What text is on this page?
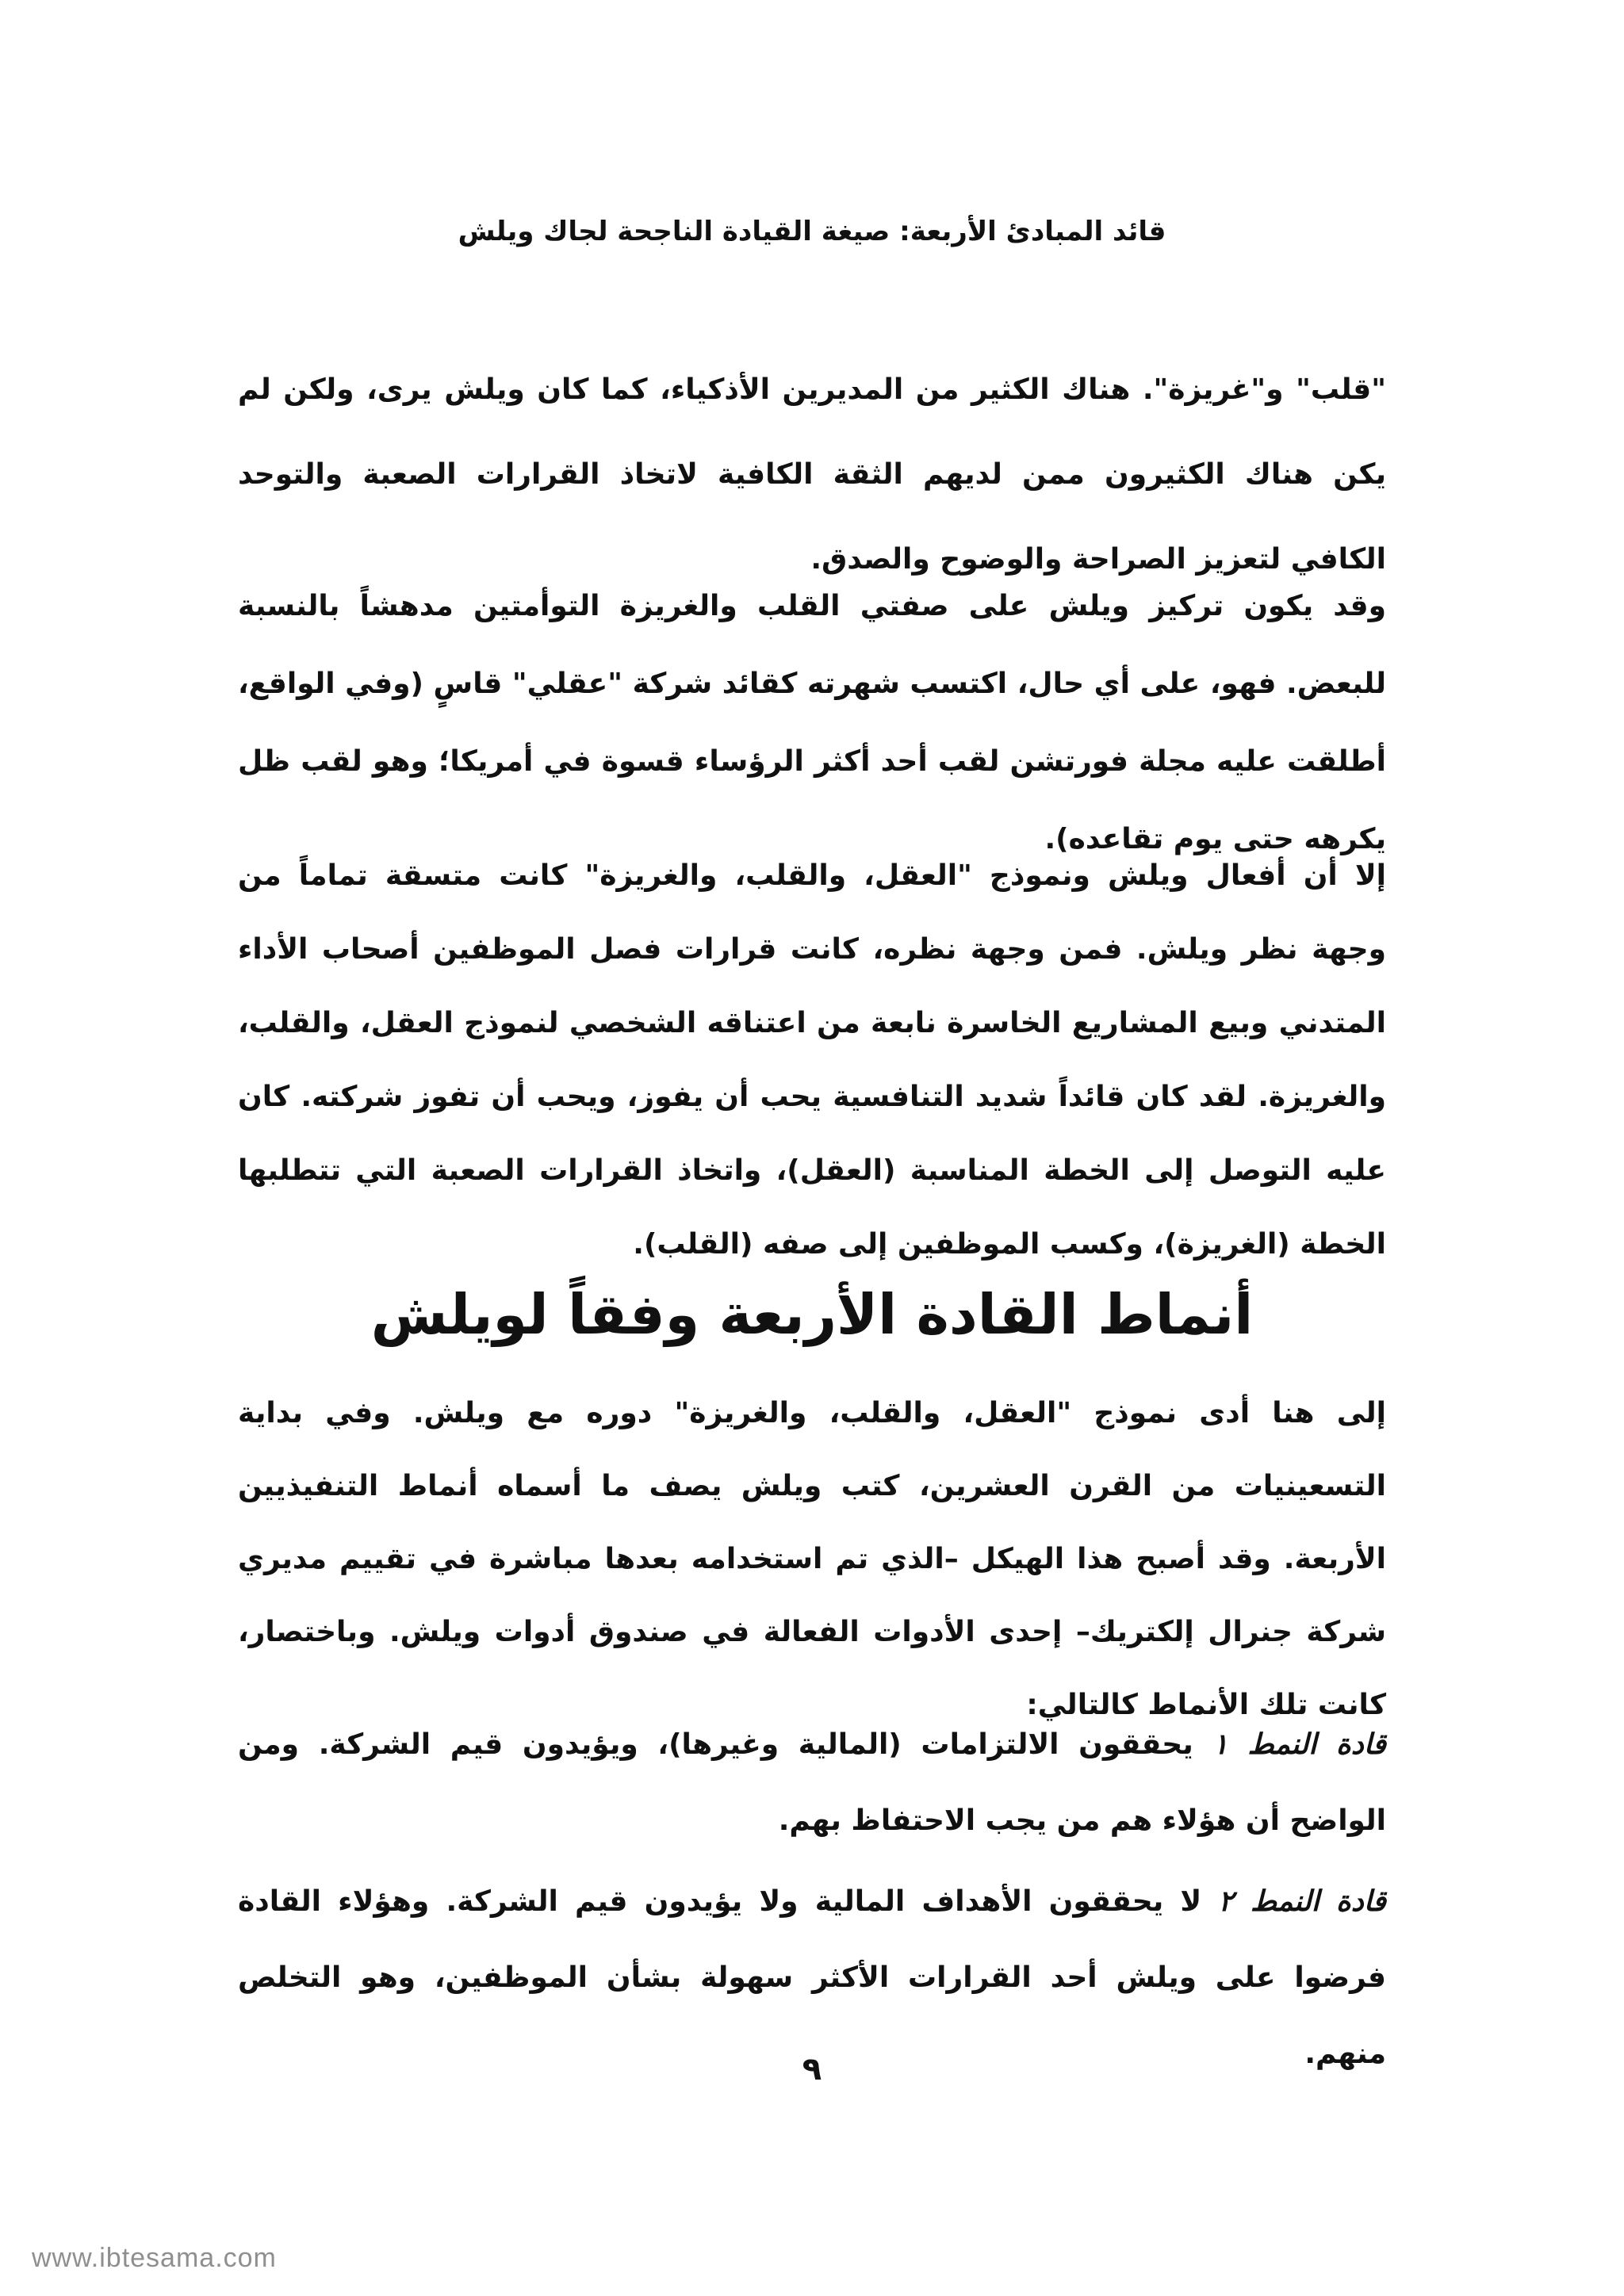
قائد المبادئ الأربعة: صيغة القيادة الناجحة لجاك ويلش

"قلب" و"غريزة". هناك الكثير من المديرين الأذكياء، كما كان ويلش يرى، ولكن لم يكن هناك الكثيرون ممن لديهم الثقة الكافية لاتخاذ القرارات الصعبة والتوحد الكافي لتعزيز الصراحة والوضوح والصدق.

وقد يكون تركيز ويلش على صفتي القلب والغريزة التوأمتين مدهشاً بالنسبة للبعض. فهو، على أي حال، اكتسب شهرته كقائد شركة "عقلي" قاسٍ (وفي الواقع، أطلقت عليه مجلة فورتشن لقب أحد أكثر الرؤساء قسوة في أمريكا؛ وهو لقب ظل يكرهه حتى يوم تقاعده).

إلا أن أفعال ويلش ونموذج "العقل، والقلب، والغريزة" كانت متسقة تماماً من وجهة نظر ويلش. فمن وجهة نظره، كانت قرارات فصل الموظفين أصحاب الأداء المتدني وبيع المشاريع الخاسرة نابعة من اعتناقه الشخصي لنموذج العقل، والقلب، والغريزة. لقد كان قائداً شديد التنافسية يحب أن يفوز، ويحب أن تفوز شركته. كان عليه التوصل إلى الخطة المناسبة (العقل)، واتخاذ القرارات الصعبة التي تتطلبها الخطة (الغريزة)، وكسب الموظفين إلى صفه (القلب).

أنماط القادة الأربعة وفقاً لويلش

إلى هنا أدى نموذج "العقل، والقلب، والغريزة" دوره مع ويلش. وفي بداية التسعينيات من القرن العشرين، كتب ويلش يصف ما أسماه أنماط التنفيذيين الأربعة. وقد أصبح هذا الهيكل –الذي تم استخدامه بعدها مباشرة في تقييم مديري شركة جنرال إلكتريك– إحدى الأدوات الفعالة في صندوق أدوات ويلش. وباختصار، كانت تلك الأنماط كالتالي:

قادة النمط ١ يحققون الالتزامات (المالية وغيرها)، ويؤيدون قيم الشركة. ومن الواضح أن هؤلاء هم من يجب الاحتفاظ بهم.

قادة النمط ٢ لا يحققون الأهداف المالية ولا يؤيدون قيم الشركة. وهؤلاء القادة فرضوا على ويلش أحد القرارات الأكثر سهولة بشأن الموظفين، وهو التخلص منهم.

٩
www.ibtesama.com
